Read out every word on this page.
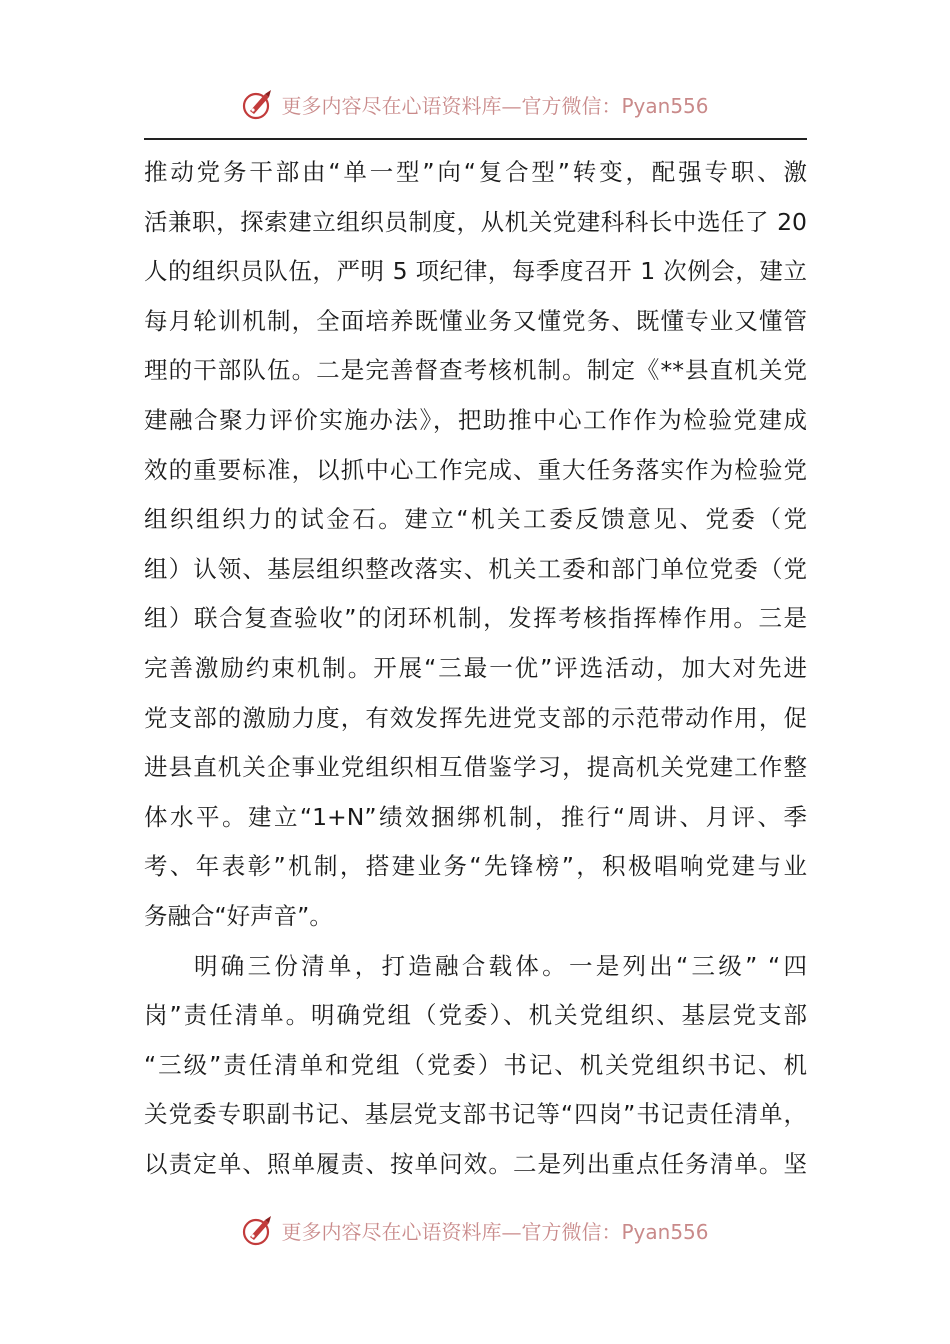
更多内容尽在心语资料库—官方微信：Pyan556
推动党务干部由“单一型”向“复合型”转变，配强专职、激
活兼职，探索建立组织员制度，从机关党建科科长中选任了 20
人的组织员队伍，严明 5 项纪律，每季度召开 1 次例会，建立
每月轮训机制，全面培养既懂业务又懂党务、既懂专业又懂管
理的干部队伍。二是完善督查考核机制。制定《**县直机关党
建融合聚力评价实施办法》，把助推中心工作作为检验党建成
效的重要标准，以抓中心工作完成、重大任务落实作为检验党
组织组织力的试金石。建立“机关工委反馈意见、党委（党
组）认领、基层组织整改落实、机关工委和部门单位党委（党
组）联合复查验收”的闭环机制，发挥考核指挥棒作用。三是
完善激励约束机制。开展“三最一优”评选活动，加大对先进
党支部的激励力度，有效发挥先进党支部的示范带动作用，促
进县直机关企事业党组织相互借鉴学习，提高机关党建工作整
体水平。建立“1+N”绩效捆绑机制，推行“周讲、月评、季
考、年表彰”机制，搭建业务“先锋榜”，积极唱响党建与业
务融合“好声音”。
明确三份清单，打造融合载体。一是列出“三级” “四
岗”责任清单。明确党组（党委）、机关党组织、基层党支部
“三级”责任清单和党组（党委）书记、机关党组织书记、机
关党委专职副书记、基层党支部书记等“四岗”书记责任清单，
以责定单、照单履责、按单问效。二是列出重点任务清单。坚
更多内容尽在心语资料库—官方微信：Pyan556
